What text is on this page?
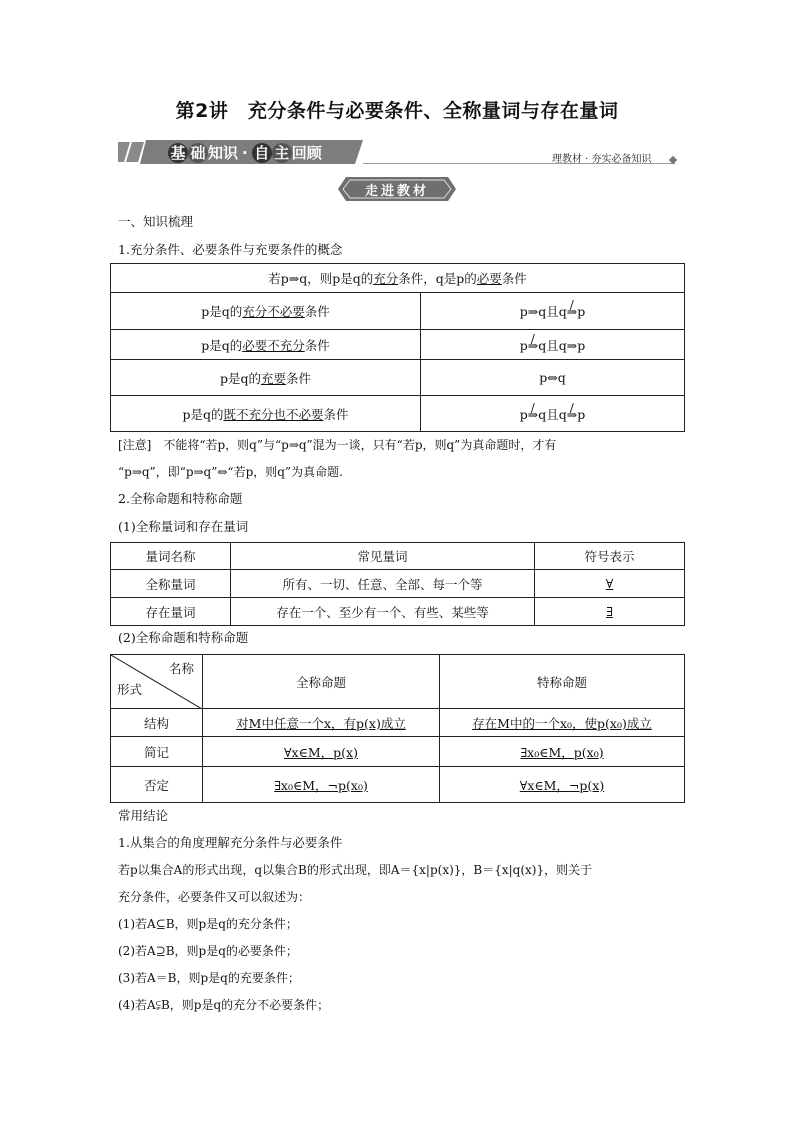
第2讲　充分条件与必要条件、全称量词与存在量词
基 础 知识 · 自 主 回顾	理教材 · 夯实必备知识
走进教材
一、知识梳理
1.充分条件、必要条件与充要条件的概念
若p⇒q，则p是q的充分条件，q是p的必要条件	
p是q的充分不必要条件	p⇒q且q⇒ /p
p是q的必要不充分条件	p⇒ /q且q⇒p
p是q的充要条件	p⇔q
p是q的既不充分也不必要条件	p⇒ /q且q⇒ /p
[注意]　不能将“若p，则q”与“p⇒q”混为一谈，只有“若p，则q”为真命题时，才有
“p⇒q”，即“p⇒q”⇔“若p，则q”为真命题.
2.全称命题和特称命题
(1)全称量词和存在量词
量词名称	常见量词	符号表示
全称量词	所有、一切、任意、全部、每一个等	∀
存在量词	存在一个、至少有一个、有些、某些等	∃
(2)全称命题和特称命题
名称
形式	全称命题	特称命题
结构	对M中任意一个x，有p(x)成立	存在M中的一个x₀，使p(x₀)成立
简记	∀x∈M，p(x)	∃x₀∈M，p(x₀)
否定	∃x₀∈M，¬p(x₀)	∀x∈M，¬p(x)
常用结论
1.从集合的角度理解充分条件与必要条件
若p以集合A的形式出现，q以集合B的形式出现，即A＝{x|p(x)}，B＝{x|q(x)}，则关于
充分条件，必要条件又可以叙述为：
(1)若A⊆B，则p是q的充分条件；
(2)若A⊇B，则p是q的必要条件；
(3)若A＝B，则p是q的充要条件；
(4)若A⫋B，则p是q的充分不必要条件；
